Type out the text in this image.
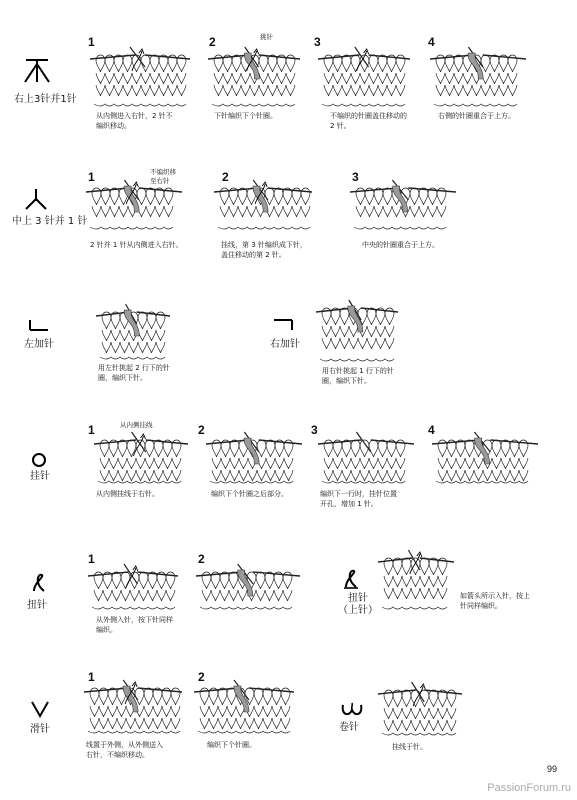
右上3针并1针
中上 3 针并 1 针
左加针	右加针
挂针
扭针
扭针
（上针）
滑针	卷针
1	2	3	4
1	2	3
1	2	3	4
1	2
1	2
挑针
不编织移
至右针
从内侧挂线
从内侧进入右针，2 针不
编织移动。
下针编织下个针圈。	不编织的针圈盖住移动的
2 针。
右侧的针圈重合于上方。
2 针并 1 针从内侧进入右针。	挂线，第 3 针编织成下针，
盖住移动的第 2 针。
中央的针圈重合于上方。
用左针挑起 2 行下的针
圈，编织下针。
用右针挑起 1 行下的针
圈，编织下针。
从内侧挂线于右针。	编织下个针圈之后部分。	编织下一行时，挂针位置
开孔，增加 1 针。
从外侧入针，按下针同样
编织。
如箭头所示入针，按上
针同样编织。
线置于外侧，从外侧送入
右针，不编织移动。
编织下个针圈。	挂线于针。
99
PassionForum.ru
